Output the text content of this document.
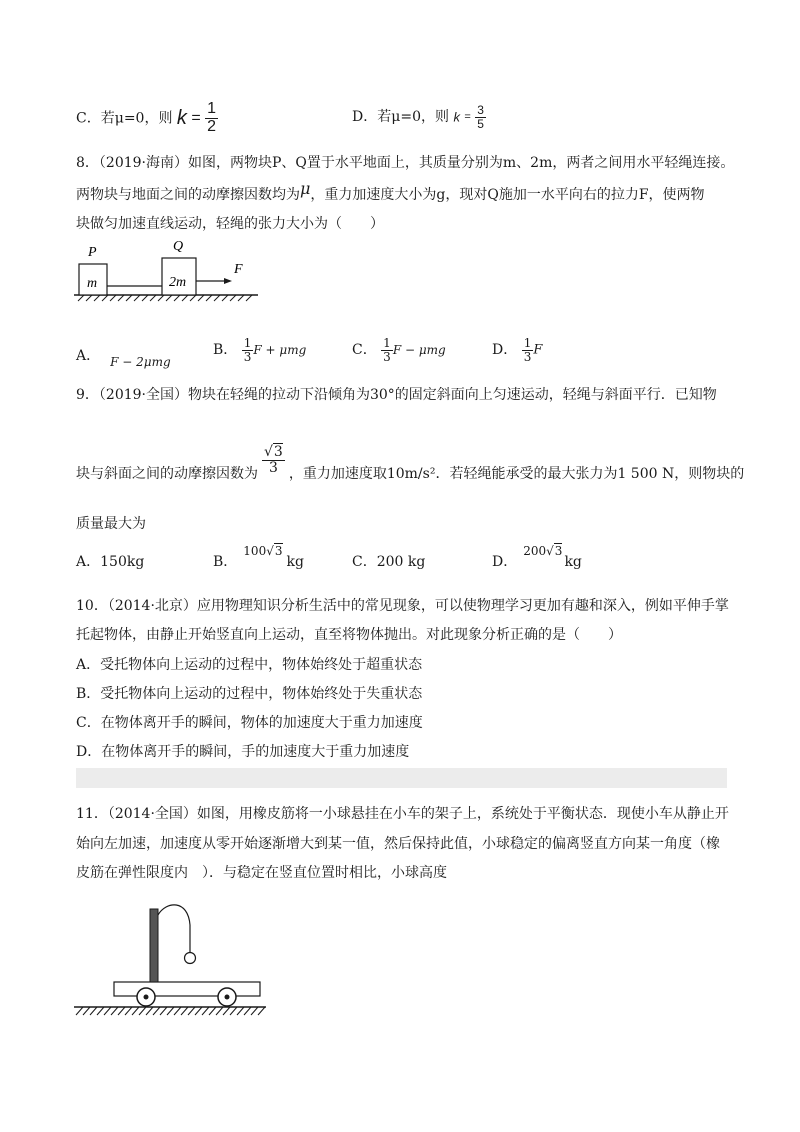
C．若μ=0，则 $k = \frac{1}{2}$	D．若μ=0，则 $k = \frac{3}{5}$
8．（2019·海南）如图，两物块P、Q置于水平地面上，其质量分别为m、2m，两者之间用水平轻绳连接。
两物块与地面之间的动摩擦因数均为μ，重力加速度大小为g，现对Q施加一水平向右的拉力F，使两物
块做匀加速直线运动，轻绳的张力大小为（　　）
P	Q
m	2m
F
A． F − 2μmg
B． $\frac{1}{3}$ F + μmg	C． $\frac{1}{3}$ F − μmg	D． $\frac{1}{3}$ F
9．（2019·全国）物块在轻绳的拉动下沿倾角为30°的固定斜面向上匀速运动，轻绳与斜面平行．已知物
块与斜面之间的动摩擦因数为 $\frac{√3}{3}$ ，重力加速度取10m/s²．若轻绳能承受的最大张力为1 500 N，则物块的
质量最大为
A．150kg	B．100√3kg	C．200 kg	D．200√3kg
10．（2014·北京）应用物理知识分析生活中的常见现象，可以使物理学习更加有趣和深入，例如平伸手掌
托起物体，由静止开始竖直向上运动，直至将物体抛出。对此现象分析正确的是（　　）
A．受托物体向上运动的过程中，物体始终处于超重状态
B．受托物体向上运动的过程中，物体始终处于失重状态
C．在物体离开手的瞬间，物体的加速度大于重力加速度
D．在物体离开手的瞬间，手的加速度大于重力加速度
11．（2014·全国）如图，用橡皮筋将一小球悬挂在小车的架子上，系统处于平衡状态．现使小车从静止开
始向左加速，加速度从零开始逐渐增大到某一值，然后保持此值，小球稳定的偏离竖直方向某一角度（橡
皮筋在弹性限度内　）．与稳定在竖直位置时相比，小球高度
